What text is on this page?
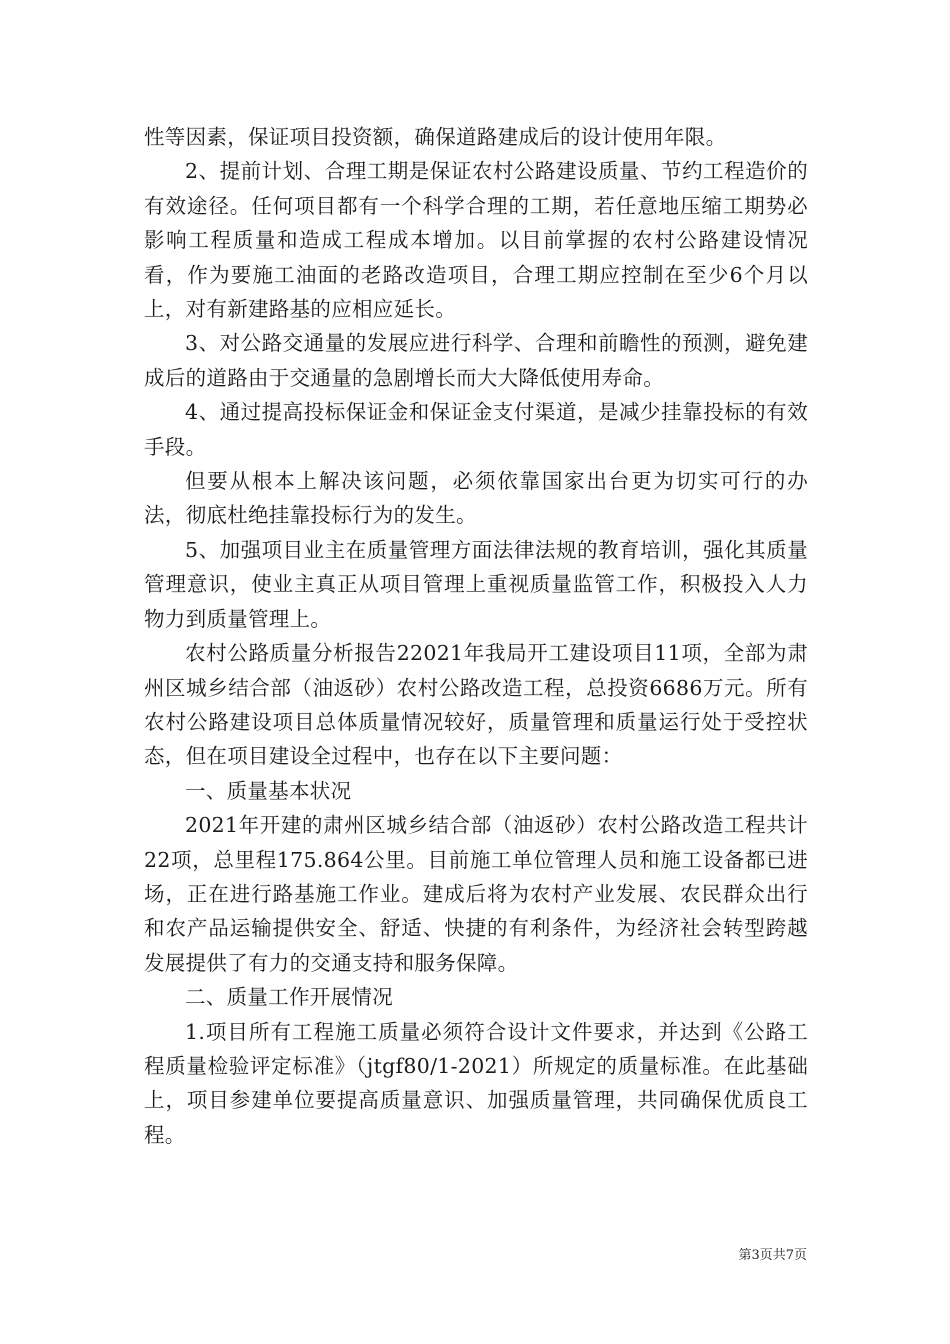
性等因素，保证项目投资额，确保道路建成后的设计使用年限。

2、提前计划、合理工期是保证农村公路建设质量、节约工程造价的有效途径。任何项目都有一个科学合理的工期，若任意地压缩工期势必影响工程质量和造成工程成本增加。以目前掌握的农村公路建设情况看，作为要施工油面的老路改造项目，合理工期应控制在至少6个月以上，对有新建路基的应相应延长。

3、对公路交通量的发展应进行科学、合理和前瞻性的预测，避免建成后的道路由于交通量的急剧增长而大大降低使用寿命。

4、通过提高投标保证金和保证金支付渠道，是减少挂靠投标的有效手段。

但要从根本上解决该问题，必须依靠国家出台更为切实可行的办法，彻底杜绝挂靠投标行为的发生。

5、加强项目业主在质量管理方面法律法规的教育培训，强化其质量管理意识，使业主真正从项目管理上重视质量监管工作，积极投入人力物力到质量管理上。

农村公路质量分析报告22021年我局开工建设项目11项，全部为肃州区城乡结合部（油返砂）农村公路改造工程，总投资6686万元。所有农村公路建设项目总体质量情况较好，质量管理和质量运行处于受控状态，但在项目建设全过程中，也存在以下主要问题：

一、质量基本状况

2021年开建的肃州区城乡结合部（油返砂）农村公路改造工程共计22项，总里程175.864公里。目前施工单位管理人员和施工设备都已进场，正在进行路基施工作业。建成后将为农村产业发展、农民群众出行和农产品运输提供安全、舒适、快捷的有利条件，为经济社会转型跨越发展提供了有力的交通支持和服务保障。

二、质量工作开展情况

1.项目所有工程施工质量必须符合设计文件要求，并达到《公路工程质量检验评定标准》（jtgf80/1-2021）所规定的质量标准。在此基础上，项目参建单位要提高质量意识、加强质量管理，共同确保优质良工程。

第3页共7页
